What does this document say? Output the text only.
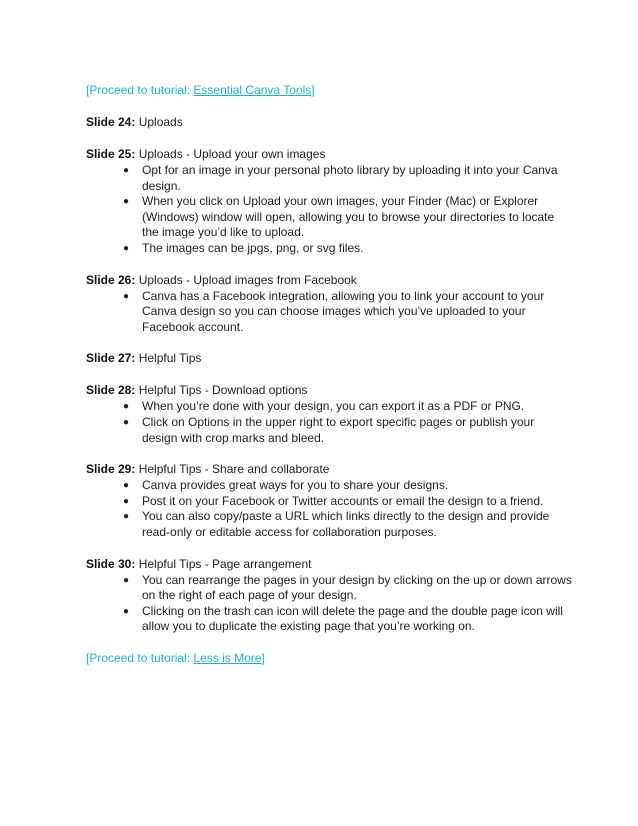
[Proceed to tutorial: Essential Canva Tools]

Slide 24: Uploads

Slide 25: Uploads - Upload your own images

● Opt for an image in your personal photo library by uploading it into your Canva design.
● When you click on Upload your own images, your Finder (Mac) or Explorer (Windows) window will open, allowing you to browse your directories to locate the image you’d like to upload.
● The images can be jpgs, png, or svg files.

Slide 26: Uploads - Upload images from Facebook

● Canva has a Facebook integration, allowing you to link your account to your Canva design so you can choose images which you’ve uploaded to your Facebook account.

Slide 27: Helpful Tips

Slide 28: Helpful Tips - Download options

● When you’re done with your design, you can export it as a PDF or PNG.
● Click on Options in the upper right to export specific pages or publish your design with crop marks and bleed.

Slide 29: Helpful Tips - Share and collaborate

● Canva provides great ways for you to share your designs.
● Post it on your Facebook or Twitter accounts or email the design to a friend.
● You can also copy/paste a URL which links directly to the design and provide read-only or editable access for collaboration purposes.

Slide 30: Helpful Tips - Page arrangement

● You can rearrange the pages in your design by clicking on the up or down arrows on the right of each page of your design.
● Clicking on the trash can icon will delete the page and the double page icon will allow you to duplicate the existing page that you’re working on.

[Proceed to tutorial: Less is More]
